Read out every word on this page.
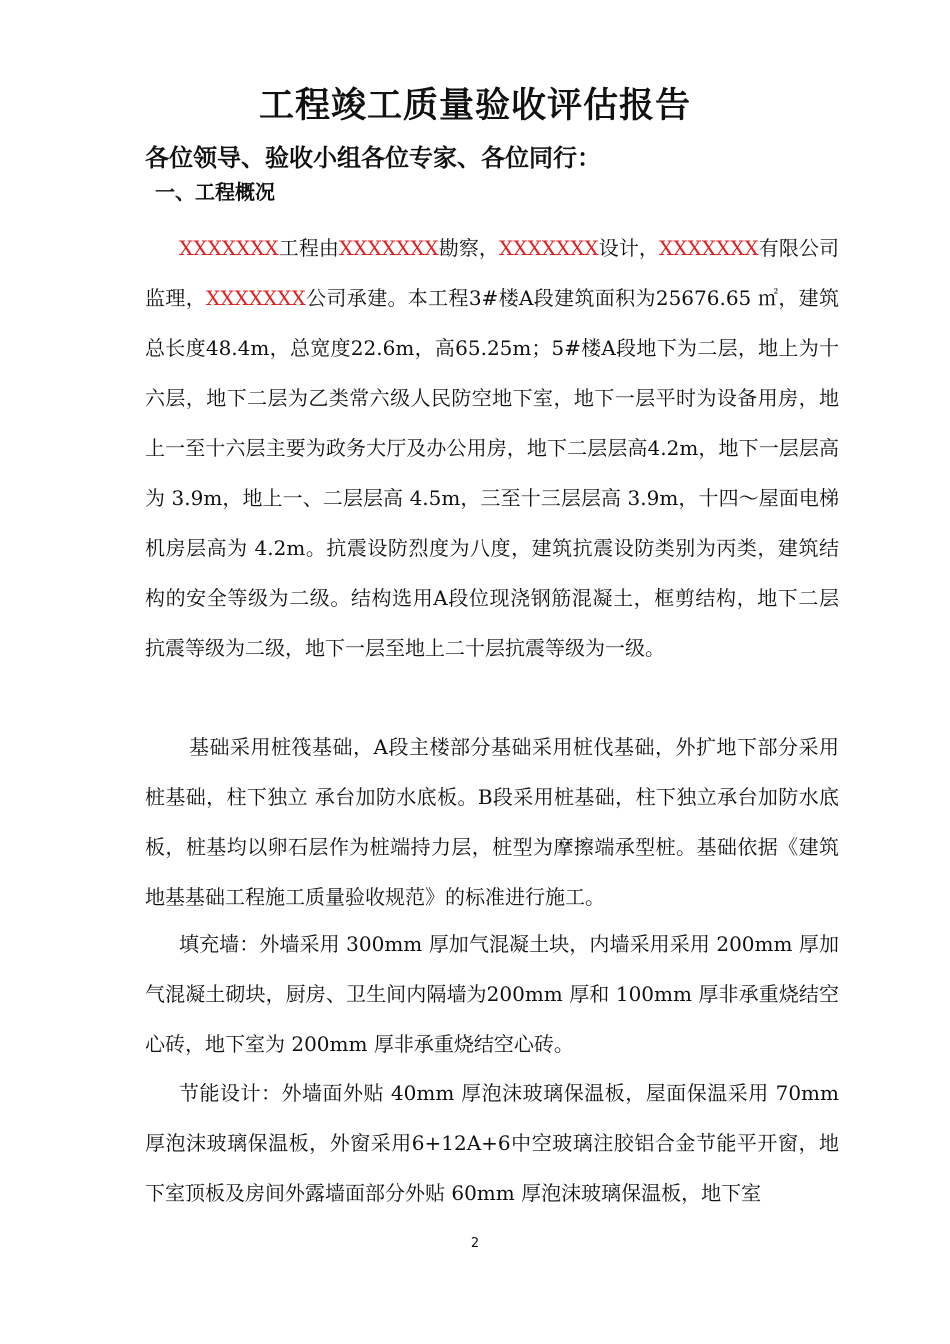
工程竣工质量验收评估报告
各位领导、验收小组各位专家、各位同行：
一、工程概况

XXXXXXX工程由XXXXXXX勘察，XXXXXXX设计，XXXXXXX有限公司监理，XXXXXXX公司承建。本工程3#楼A段建筑面积为25676.65 ㎡，建筑总长度48.4m，总宽度22.6m，高65.25m；5#楼A段地下为二层，地上为十六层，地下二层为乙类常六级人民防空地下室，地下一层平时为设备用房，地上一至十六层主要为政务大厅及办公用房，地下二层层高4.2m，地下一层层高为 3.9m，地上一、二层层高 4.5m，三至十三层层高 3.9m，十四～屋面电梯机房层高为 4.2m。抗震设防烈度为八度，建筑抗震设防类别为丙类，建筑结构的安全等级为二级。结构选用A段位现浇钢筋混凝土，框剪结构，地下二层抗震等级为二级，地下一层至地上二十层抗震等级为一级。

基础采用桩筏基础，A段主楼部分基础采用桩伐基础，外扩地下部分采用桩基础，柱下独立 承台加防水底板。B段采用桩基础，柱下独立承台加防水底板，桩基均以卵石层作为桩端持力层，桩型为摩擦端承型桩。基础依据《建筑地基基础工程施工质量验收规范》的标准进行施工。

填充墙：外墙采用 300mm 厚加气混凝土块，内墙采用采用 200mm 厚加气混凝土砌块，厨房、卫生间内隔墙为200mm 厚和 100mm 厚非承重烧结空心砖，地下室为 200mm 厚非承重烧结空心砖。

节能设计：外墙面外贴 40mm 厚泡沫玻璃保温板，屋面保温采用 70mm厚泡沫玻璃保温板，外窗采用6+12A+6中空玻璃注胶铝合金节能平开窗，地下室顶板及房间外露墙面部分外贴 60mm 厚泡沫玻璃保温板，地下室

2
